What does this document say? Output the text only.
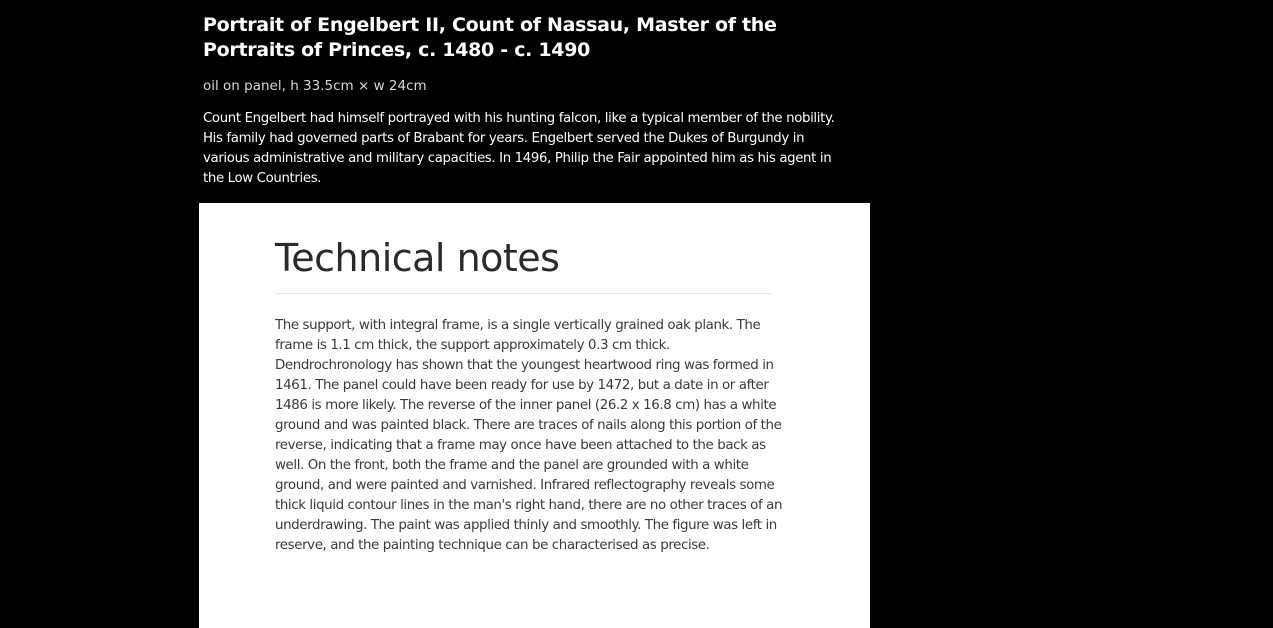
Portrait of Engelbert II, Count of Nassau, Master of the Portraits of Princes, c. 1480 - c. 1490

oil on panel, h 33.5cm × w 24cm

Count Engelbert had himself portrayed with his hunting falcon, like a typical member of the nobility. His family had governed parts of Brabant for years. Engelbert served the Dukes of Burgundy in various administrative and military capacities. In 1496, Philip the Fair appointed him as his agent in the Low Countries.

Technical notes

The support, with integral frame, is a single vertically grained oak plank. The frame is 1.1 cm thick, the support approximately 0.3 cm thick. Dendrochronology has shown that the youngest heartwood ring was formed in 1461. The panel could have been ready for use by 1472, but a date in or after 1486 is more likely. The reverse of the inner panel (26.2 x 16.8 cm) has a white ground and was painted black. There are traces of nails along this portion of the reverse, indicating that a frame may once have been attached to the back as well. On the front, both the frame and the panel are grounded with a white ground, and were painted and varnished. Infrared reflectography reveals some thick liquid contour lines in the man's right hand, there are no other traces of an underdrawing. The paint was applied thinly and smoothly. The figure was left in reserve, and the painting technique can be characterised as precise.
